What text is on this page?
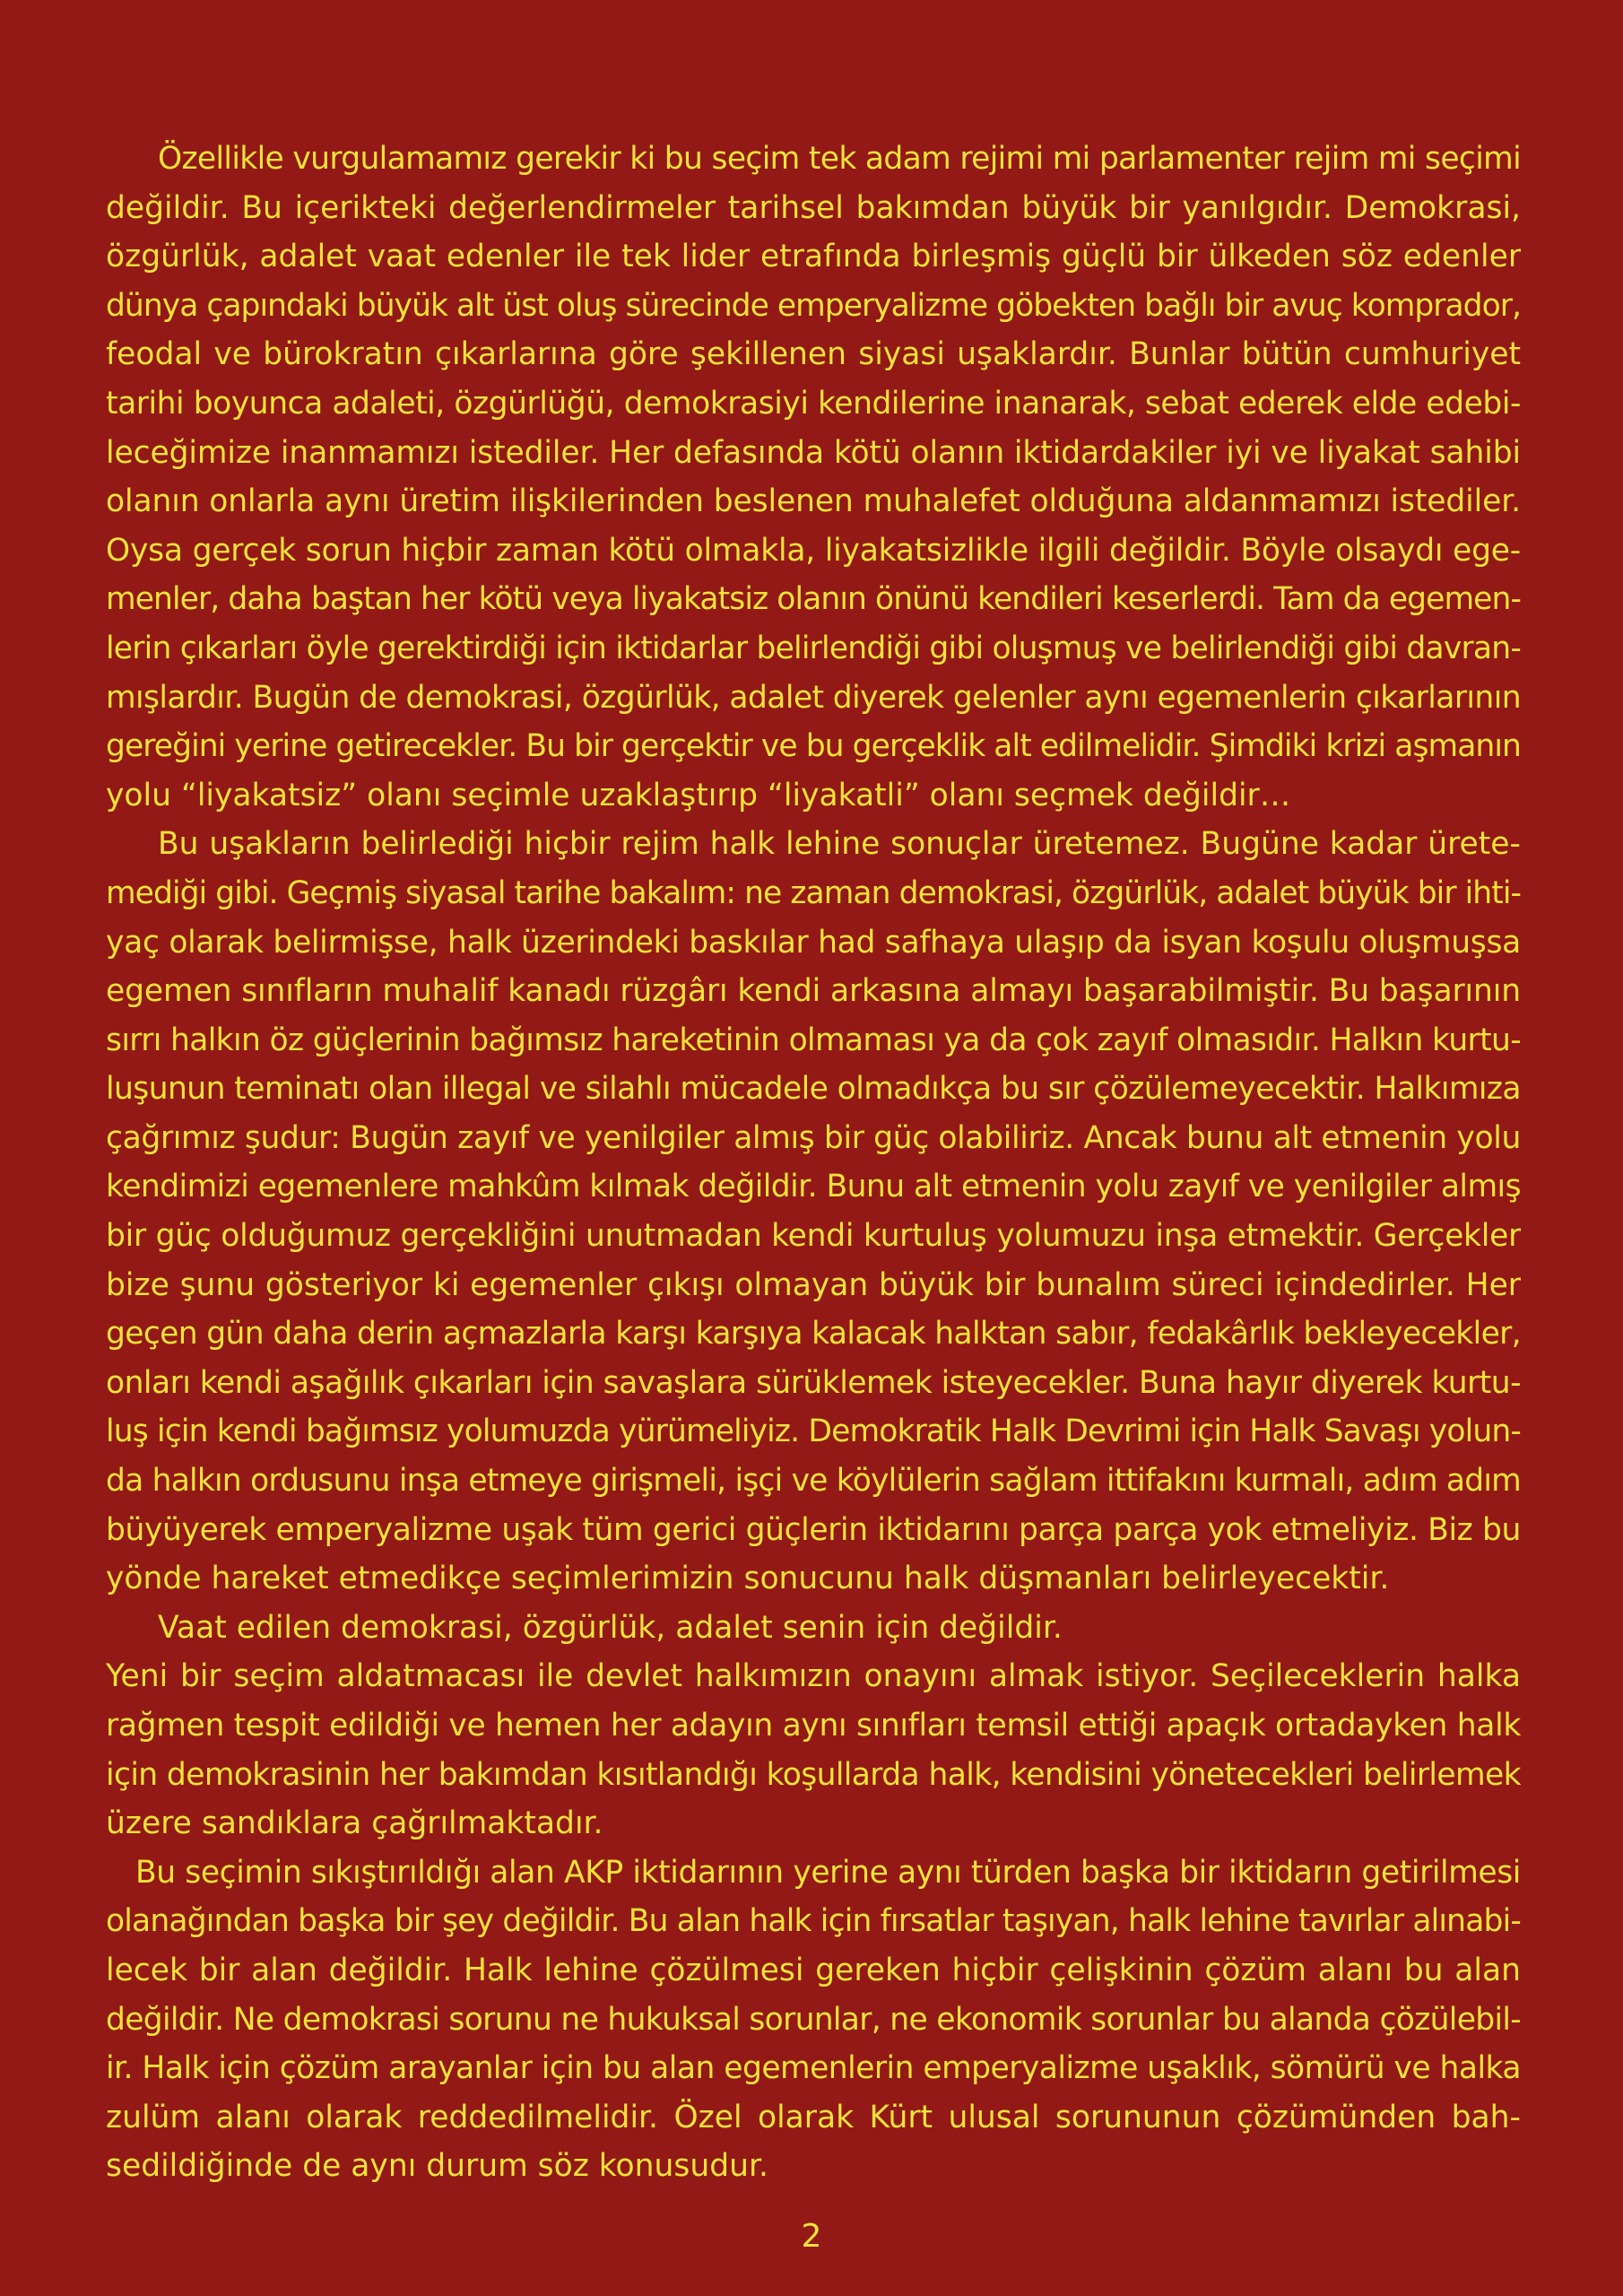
Özellikle vurgulamamız gerekir ki bu seçim tek adam rejimi mi parlamenter rejim mi seçimi
değildir. Bu içerikteki değerlendirmeler tarihsel bakımdan büyük bir yanılgıdır. Demokrasi,
özgürlük, adalet vaat edenler ile tek lider etrafında birleşmiş güçlü bir ülkeden söz edenler
dünya çapındaki büyük alt üst oluş sürecinde emperyalizme göbekten bağlı bir avuç komprador,
feodal ve bürokratın çıkarlarına göre şekillenen siyasi uşaklardır. Bunlar bütün cumhuriyet
tarihi boyunca adaleti, özgürlüğü, demokrasiyi kendilerine inanarak, sebat ederek elde edebi-
leceğimize inanmamızı istediler. Her defasında kötü olanın iktidardakiler iyi ve liyakat sahibi
olanın onlarla aynı üretim ilişkilerinden beslenen muhalefet olduğuna aldanmamızı istediler.
Oysa gerçek sorun hiçbir zaman kötü olmakla, liyakatsizlikle ilgili değildir. Böyle olsaydı ege-
menler, daha baştan her kötü veya liyakatsiz olanın önünü kendileri keserlerdi. Tam da egemen-
lerin çıkarları öyle gerektirdiği için iktidarlar belirlendiği gibi oluşmuş ve belirlendiği gibi davran-
mışlardır. Bugün de demokrasi, özgürlük, adalet diyerek gelenler aynı egemenlerin çıkarlarının
gereğini yerine getirecekler. Bu bir gerçektir ve bu gerçeklik alt edilmelidir. Şimdiki krizi aşmanın
yolu “liyakatsiz” olanı seçimle uzaklaştırıp “liyakatli” olanı seçmek değildir…
Bu uşakların belirlediği hiçbir rejim halk lehine sonuçlar üretemez. Bugüne kadar ürete-
mediği gibi. Geçmiş siyasal tarihe bakalım: ne zaman demokrasi, özgürlük, adalet büyük bir ihti-
yaç olarak belirmişse, halk üzerindeki baskılar had safhaya ulaşıp da isyan koşulu oluşmuşsa
egemen sınıfların muhalif kanadı rüzgârı kendi arkasına almayı başarabilmiştir. Bu başarının
sırrı halkın öz güçlerinin bağımsız hareketinin olmaması ya da çok zayıf olmasıdır. Halkın kurtu-
luşunun teminatı olan illegal ve silahlı mücadele olmadıkça bu sır çözülemeyecektir. Halkımıza
çağrımız şudur: Bugün zayıf ve yenilgiler almış bir güç olabiliriz. Ancak bunu alt etmenin yolu
kendimizi egemenlere mahkûm kılmak değildir. Bunu alt etmenin yolu zayıf ve yenilgiler almış
bir güç olduğumuz gerçekliğini unutmadan kendi kurtuluş yolumuzu inşa etmektir. Gerçekler
bize şunu gösteriyor ki egemenler çıkışı olmayan büyük bir bunalım süreci içindedirler. Her
geçen gün daha derin açmazlarla karşı karşıya kalacak halktan sabır, fedakârlık bekleyecekler,
onları kendi aşağılık çıkarları için savaşlara sürüklemek isteyecekler. Buna hayır diyerek kurtu-
luş için kendi bağımsız yolumuzda yürümeliyiz. Demokratik Halk Devrimi için Halk Savaşı yolun-
da halkın ordusunu inşa etmeye girişmeli, işçi ve köylülerin sağlam ittifakını kurmalı, adım adım
büyüyerek emperyalizme uşak tüm gerici güçlerin iktidarını parça parça yok etmeliyiz. Biz bu
yönde hareket etmedikçe seçimlerimizin sonucunu halk düşmanları belirleyecektir.
Vaat edilen demokrasi, özgürlük, adalet senin için değildir.
Yeni bir seçim aldatmacası ile devlet halkımızın onayını almak istiyor. Seçileceklerin halka
rağmen tespit edildiği ve hemen her adayın aynı sınıfları temsil ettiği apaçık ortadayken halk
için demokrasinin her bakımdan kısıtlandığı koşullarda halk, kendisini yönetecekleri belirlemek
üzere sandıklara çağrılmaktadır.
Bu seçimin sıkıştırıldığı alan AKP iktidarının yerine aynı türden başka bir iktidarın getirilmesi
olanağından başka bir şey değildir. Bu alan halk için fırsatlar taşıyan, halk lehine tavırlar alınabi-
lecek bir alan değildir. Halk lehine çözülmesi gereken hiçbir çelişkinin çözüm alanı bu alan
değildir. Ne demokrasi sorunu ne hukuksal sorunlar, ne ekonomik sorunlar bu alanda çözülebil-
ir. Halk için çözüm arayanlar için bu alan egemenlerin emperyalizme uşaklık, sömürü ve halka
zulüm alanı olarak reddedilmelidir. Özel olarak Kürt ulusal sorununun çözümünden bah-
sedildiğinde de aynı durum söz konusudur.
2
